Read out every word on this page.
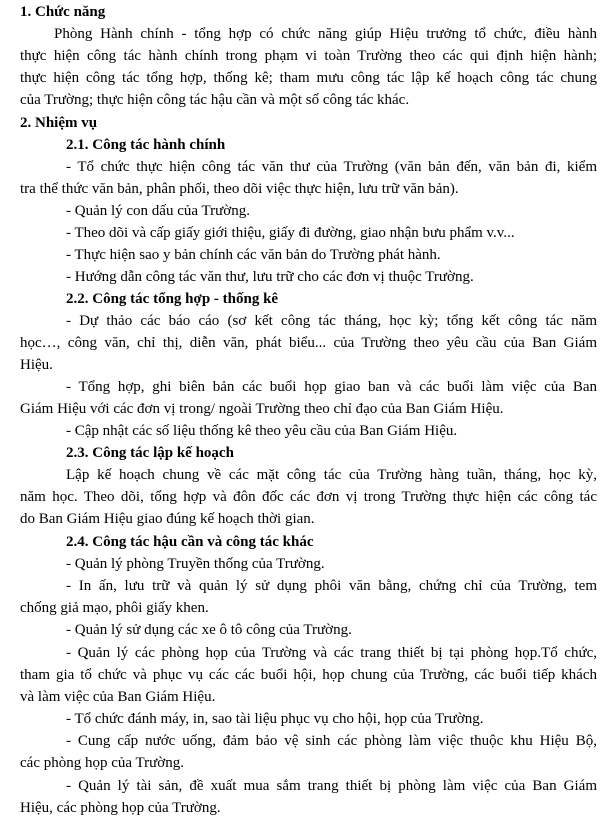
1. Chức năng
Phòng Hành chính - tổng hợp có chức năng giúp Hiệu trưởng tổ chức, điều hành
thực hiện công tác hành chính trong phạm vi toàn Trường theo các qui định hiện hành;
thực hiện công tác tổng hợp, thống kê; tham mưu công tác lập kế hoạch công tác chung
của Trường; thực hiện công tác hậu cần và một số công tác khác.
2. Nhiệm vụ
2.1. Công tác hành chính
- Tổ chức thực hiện công tác văn thư của Trường (văn bản đến, văn bản đi, kiểm
tra thể thức văn bản, phân phối, theo dõi việc thực hiện, lưu trữ văn bản).
- Quản lý con dấu của Trường.
- Theo dõi và cấp giấy giới thiệu, giấy đi đường, giao nhận bưu phẩm v.v...
- Thực hiện sao y bản chính các văn bản do Trường phát hành.
- Hướng dẫn công tác văn thư, lưu trữ cho các đơn vị thuộc Trường.
2.2. Công tác tổng hợp - thống kê
- Dự thảo các báo cáo (sơ kết công tác tháng, học kỳ; tổng kết công tác năm
học…, công văn, chỉ thị, diễn văn, phát biểu... của Trường theo yêu cầu của Ban Giám
Hiệu.
- Tổng hợp, ghi biên bản các buổi họp giao ban và các buổi làm việc của Ban
Giám Hiệu với các đơn vị trong/ ngoài Trường theo chỉ đạo của Ban Giám Hiệu.
- Cập nhật các số liệu thống kê theo yêu cầu của Ban Giám Hiệu.
2.3. Công tác lập kế hoạch
Lập kế hoạch chung về các mặt công tác của Trường hàng tuần, tháng, học kỳ,
năm học. Theo dõi, tổng hợp và đôn đốc các đơn vị trong Trường thực hiện các công tác
do Ban Giám Hiệu giao đúng kế hoạch thời gian.
2.4. Công tác hậu cần và công tác khác
- Quản lý phòng Truyền thống của Trường.
- In ấn, lưu trữ và quản lý sử dụng phôi văn bằng, chứng chỉ của Trường, tem
chống giả mạo, phôi giấy khen.
- Quản lý sử dụng các xe ô tô công của Trường.
- Quản lý các phòng họp của Trường và các trang thiết bị tại phòng họp.Tổ chức,
tham gia tổ chức và phục vụ các các buổi hội, họp chung của Trường, các buổi tiếp khách
và làm việc của Ban Giám Hiệu.
- Tổ chức đánh máy, in, sao tài liệu phục vụ cho hội, họp của Trường.
- Cung cấp nước uống, đảm bảo vệ sinh các phòng làm việc thuộc khu Hiệu Bộ,
các phòng họp của Trường.
- Quản lý tài sản, đề xuất mua sắm trang thiết bị phòng làm việc của Ban Giám
Hiệu, các phòng họp của Trường.
